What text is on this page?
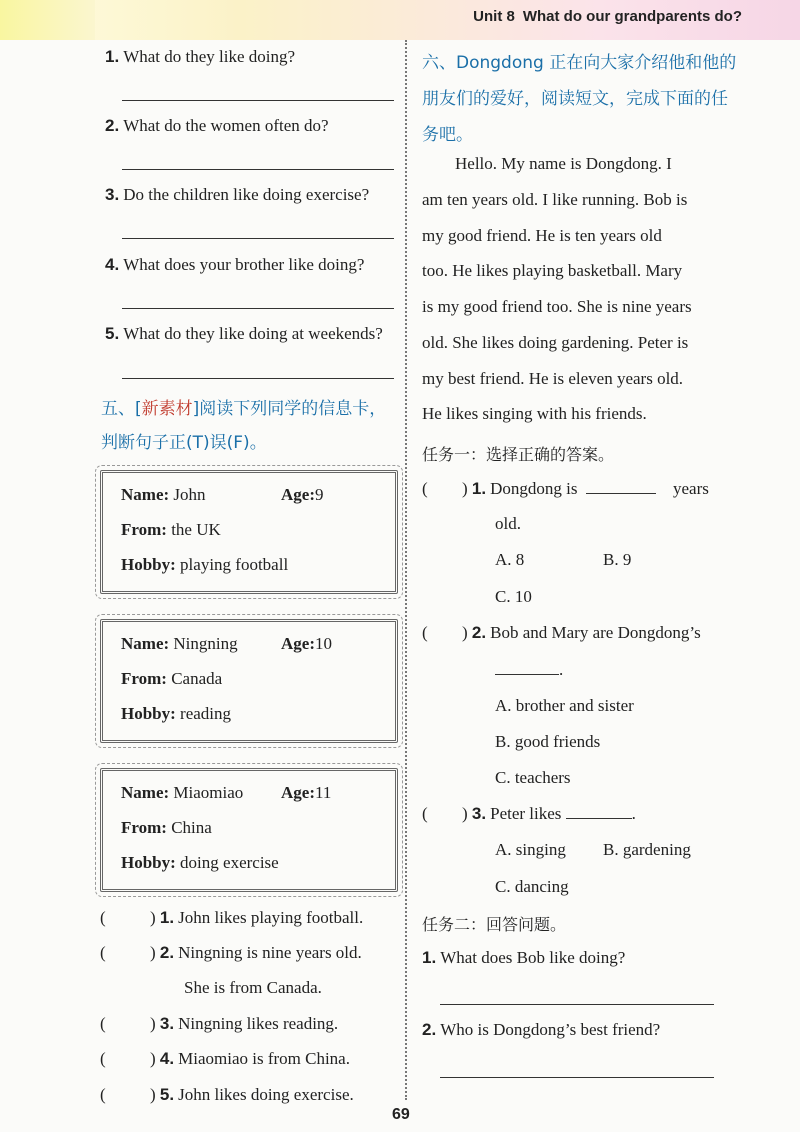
Unit 8 What do our grandparents do?
1. What do they like doing?
2. What do the women often do?
3. Do the children like doing exercise?
4. What does your brother like doing?
5. What do they like doing at weekends?
五、[新素材]阅读下列同学的信息卡，
判断句子正(T)误(F)。
Name: John	Age:9
From: the UK
Hobby: playing football
Name: Ningning	Age:10
From: Canada
Hobby: reading
Name: Miaomiao Age:11
From: China
Hobby: doing exercise
(	) 1. John likes playing football.
(	) 2. Ningning is nine years old.
She is from Canada.
(	) 3. Ningning likes reading.
(	) 4. Miaomiao is from China.
(	) 5. John likes doing exercise.
六、Dongdong 正在向大家介绍他和他的
朋友们的爱好，阅读短文，完成下面的任
务吧。
Hello. My name is Dongdong. I
am ten years old. I like running. Bob is
my good friend. He is ten years old
too. He likes playing basketball. Mary
is my good friend too. She is nine years
old. She likes doing gardening. Peter is
my best friend. He is eleven years old.
He likes singing with his friends.
任务一：选择正确的答案。
( ) 1. Dongdong is	years
old.
A. 8	B. 9
C. 10
( ) 2. Bob and Mary are Dongdong’s
.
A. brother and sister
B. good friends
C. teachers
( ) 3. Peter likes	.
A. singing B. gardening
C. dancing
任务二：回答问题。
1. What does Bob like doing?
2. Who is Dongdong’s best friend?
69
